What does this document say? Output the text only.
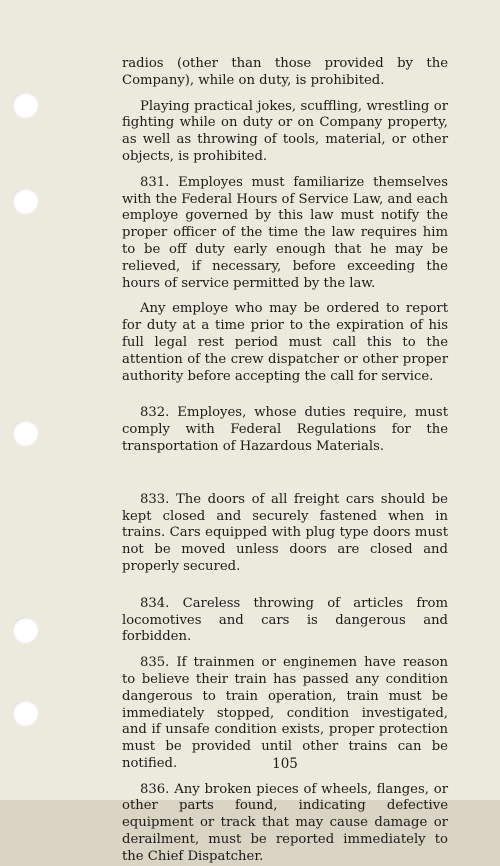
radios (other than those provided by the Company), while on duty, is prohibited.

Playing practical jokes, scuffling, wrestling or fighting while on duty or on Company property, as well as throwing of tools, material, or other objects, is prohibited.

831. Employes must familiarize themselves with the Federal Hours of Service Law, and each employe governed by this law must notify the proper officer of the time the law requires him to be off duty early enough that he may be relieved, if necessary, before exceeding the hours of service permitted by the law.

Any employe who may be ordered to report for duty at a time prior to the expiration of his full legal rest period must call this to the attention of the crew dispatcher or other proper authority before accepting the call for service.

832. Employes, whose duties require, must comply with Federal Regulations for the transportation of Hazardous Materials.

833. The doors of all freight cars should be kept closed and securely fastened when in trains. Cars equipped with plug type doors must not be moved unless doors are closed and properly secured.

834. Careless throwing of articles from locomotives and cars is dangerous and forbidden.

835. If trainmen or enginemen have reason to believe their train has passed any condition dangerous to train operation, train must be immediately stopped, condition investigated, and if unsafe condition exists, proper protection must be provided until other trains can be notified.

836. Any broken pieces of wheels, flanges, or other parts found, indicating defective equipment or track that may cause damage or derailment, must be reported immediately to the Chief Dispatcher.

105
